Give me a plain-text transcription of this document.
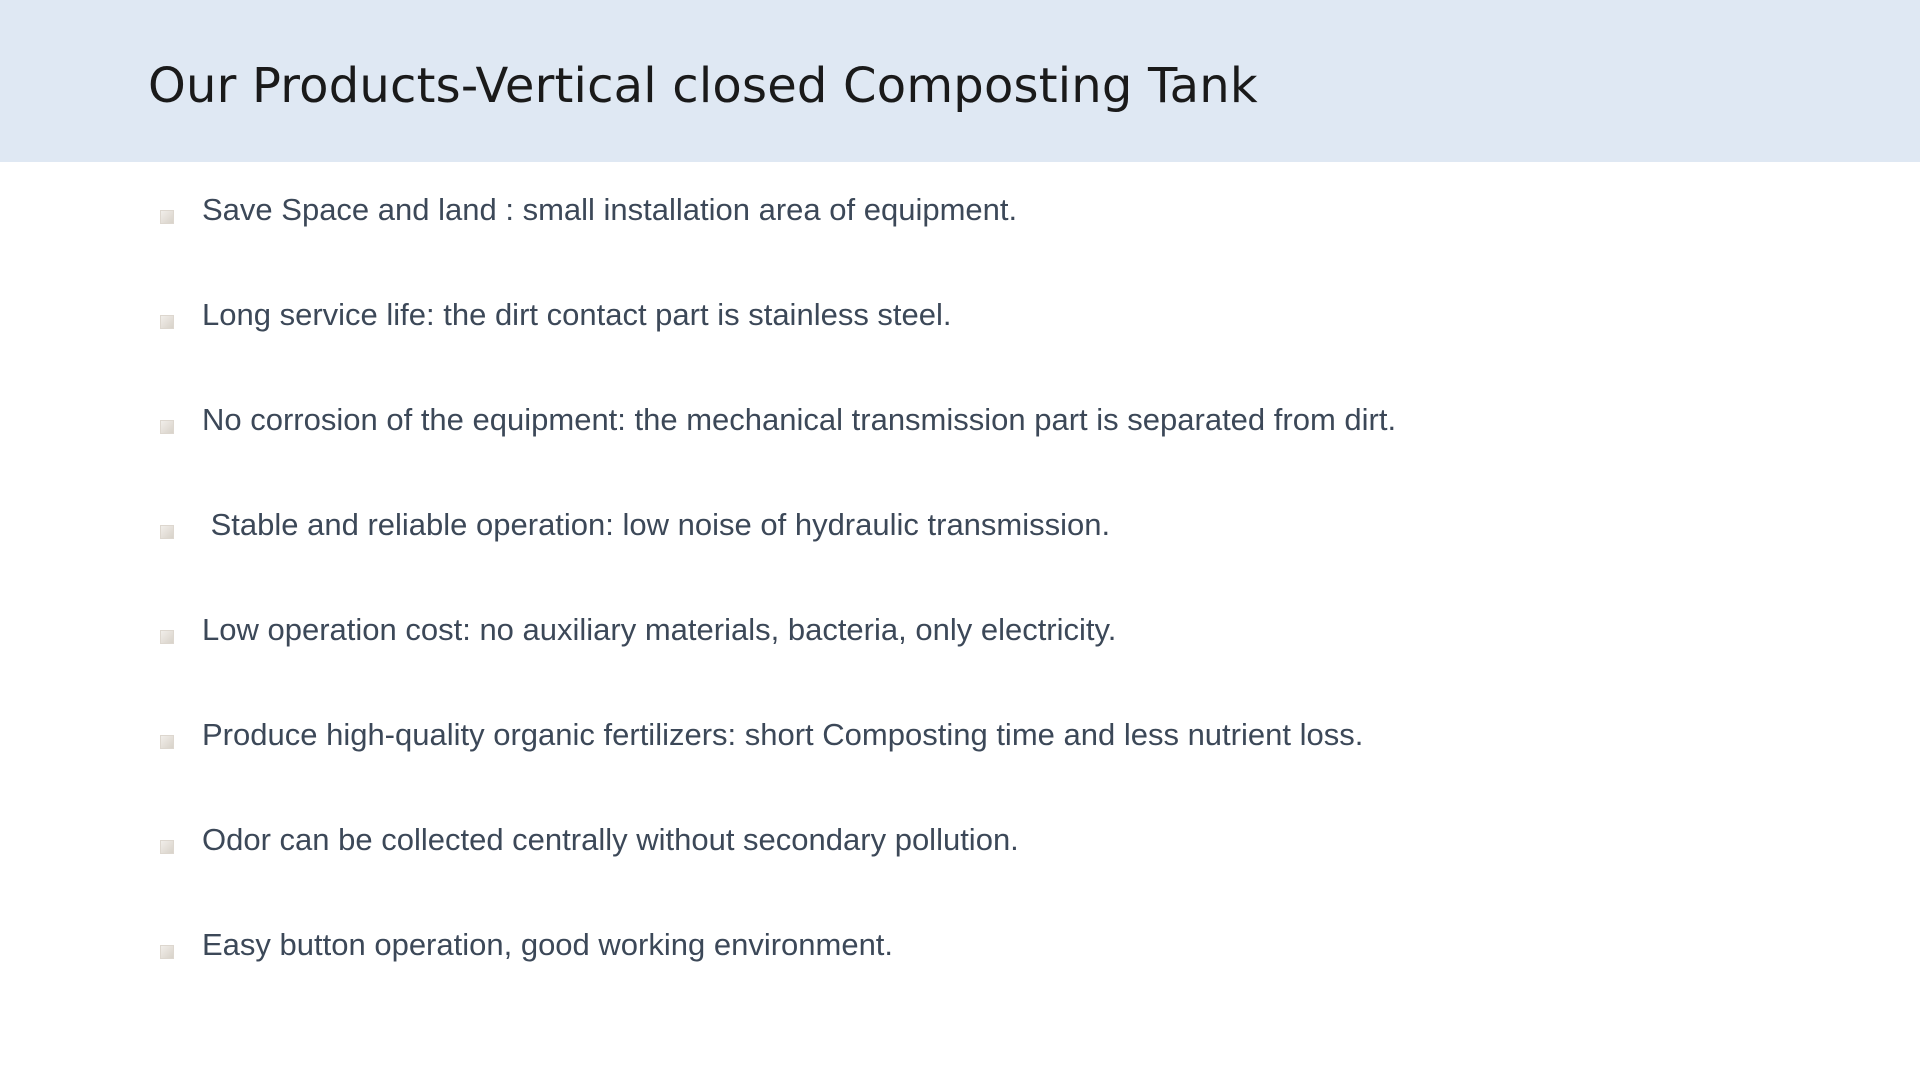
Our Products-Vertical closed Composting Tank
Save Space and land : small installation area of equipment.
Long service life: the dirt contact part is stainless steel.
No corrosion of the equipment: the mechanical transmission part is separated from dirt.
Stable and reliable operation: low noise of hydraulic transmission.
Low operation cost: no auxiliary materials, bacteria, only electricity.
Produce high-quality organic fertilizers: short Composting time and less nutrient loss.
Odor can be collected centrally without secondary pollution.
Easy button operation, good working environment.
